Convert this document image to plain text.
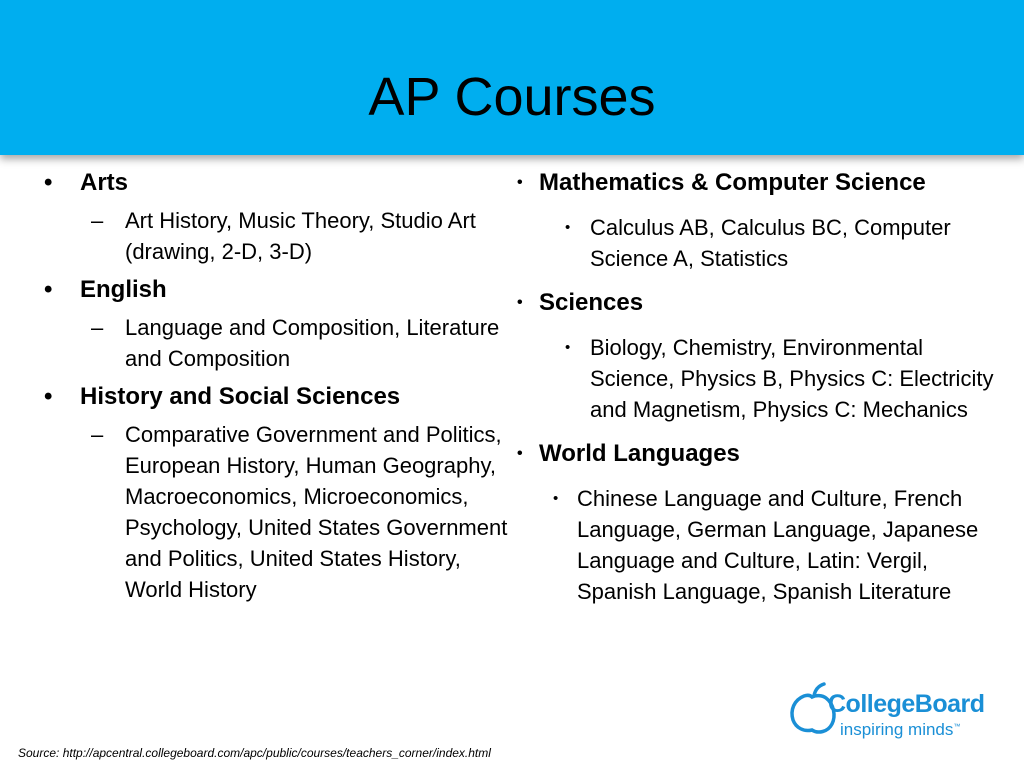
AP Courses
• Arts
– Art History, Music Theory, Studio Art (drawing, 2-D, 3-D)
• English
– Language and Composition, Literature and Composition
• History and Social Sciences
– Comparative Government and Politics, European History, Human Geography, Macroeconomics, Microeconomics, Psychology, United States Government and Politics, United States History, World History
• Mathematics & Computer Science
• Calculus AB, Calculus BC, Computer Science A, Statistics
• Sciences
• Biology, Chemistry, Environmental Science, Physics B, Physics C: Electricity and Magnetism, Physics C: Mechanics
• World Languages
• Chinese Language and Culture, French Language, German Language, Japanese Language and Culture, Latin: Vergil, Spanish Language, Spanish Literature
Source: http://apcentral.collegeboard.com/apc/public/courses/teachers_corner/index.html
CollegeBoard
inspiring minds™
